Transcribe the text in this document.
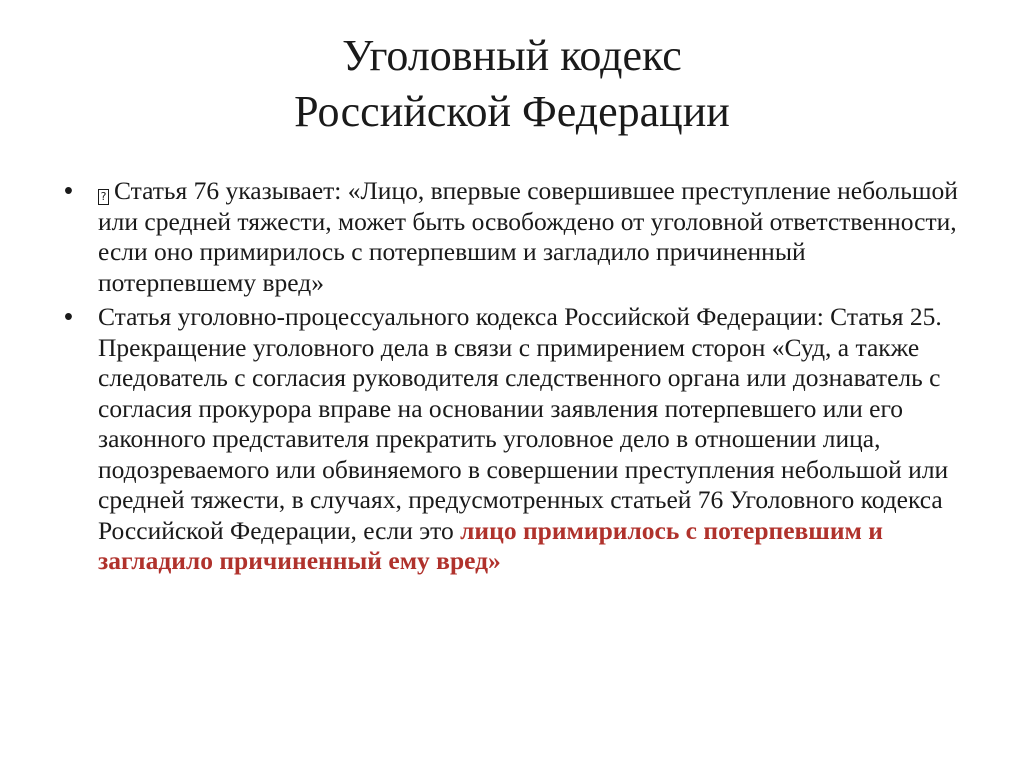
Уголовный кодекс
Российской Федерации
•	? Статья 76 указывает: «Лицо, впервые совершившее преступление небольшой или средней тяжести, может быть освобождено от уголовной ответственности, если оно примирилось с потерпевшим и загладило причиненный потерпевшему вред»
• Статья уголовно-процессуального кодекса Российской Федерации: Статья 25. Прекращение уголовного дела в связи с примирением сторон «Суд, а также следователь с согласия руководителя следственного органа или дознаватель с согласия прокурора вправе на основании заявления потерпевшего или его законного представителя прекратить уголовное дело в отношении лица, подозреваемого или обвиняемого в совершении преступления небольшой или средней тяжести, в случаях, предусмотренных статьей 76 Уголовного кодекса Российской Федерации, если это лицо примирилось с потерпевшим и загладило причиненный ему вред»
